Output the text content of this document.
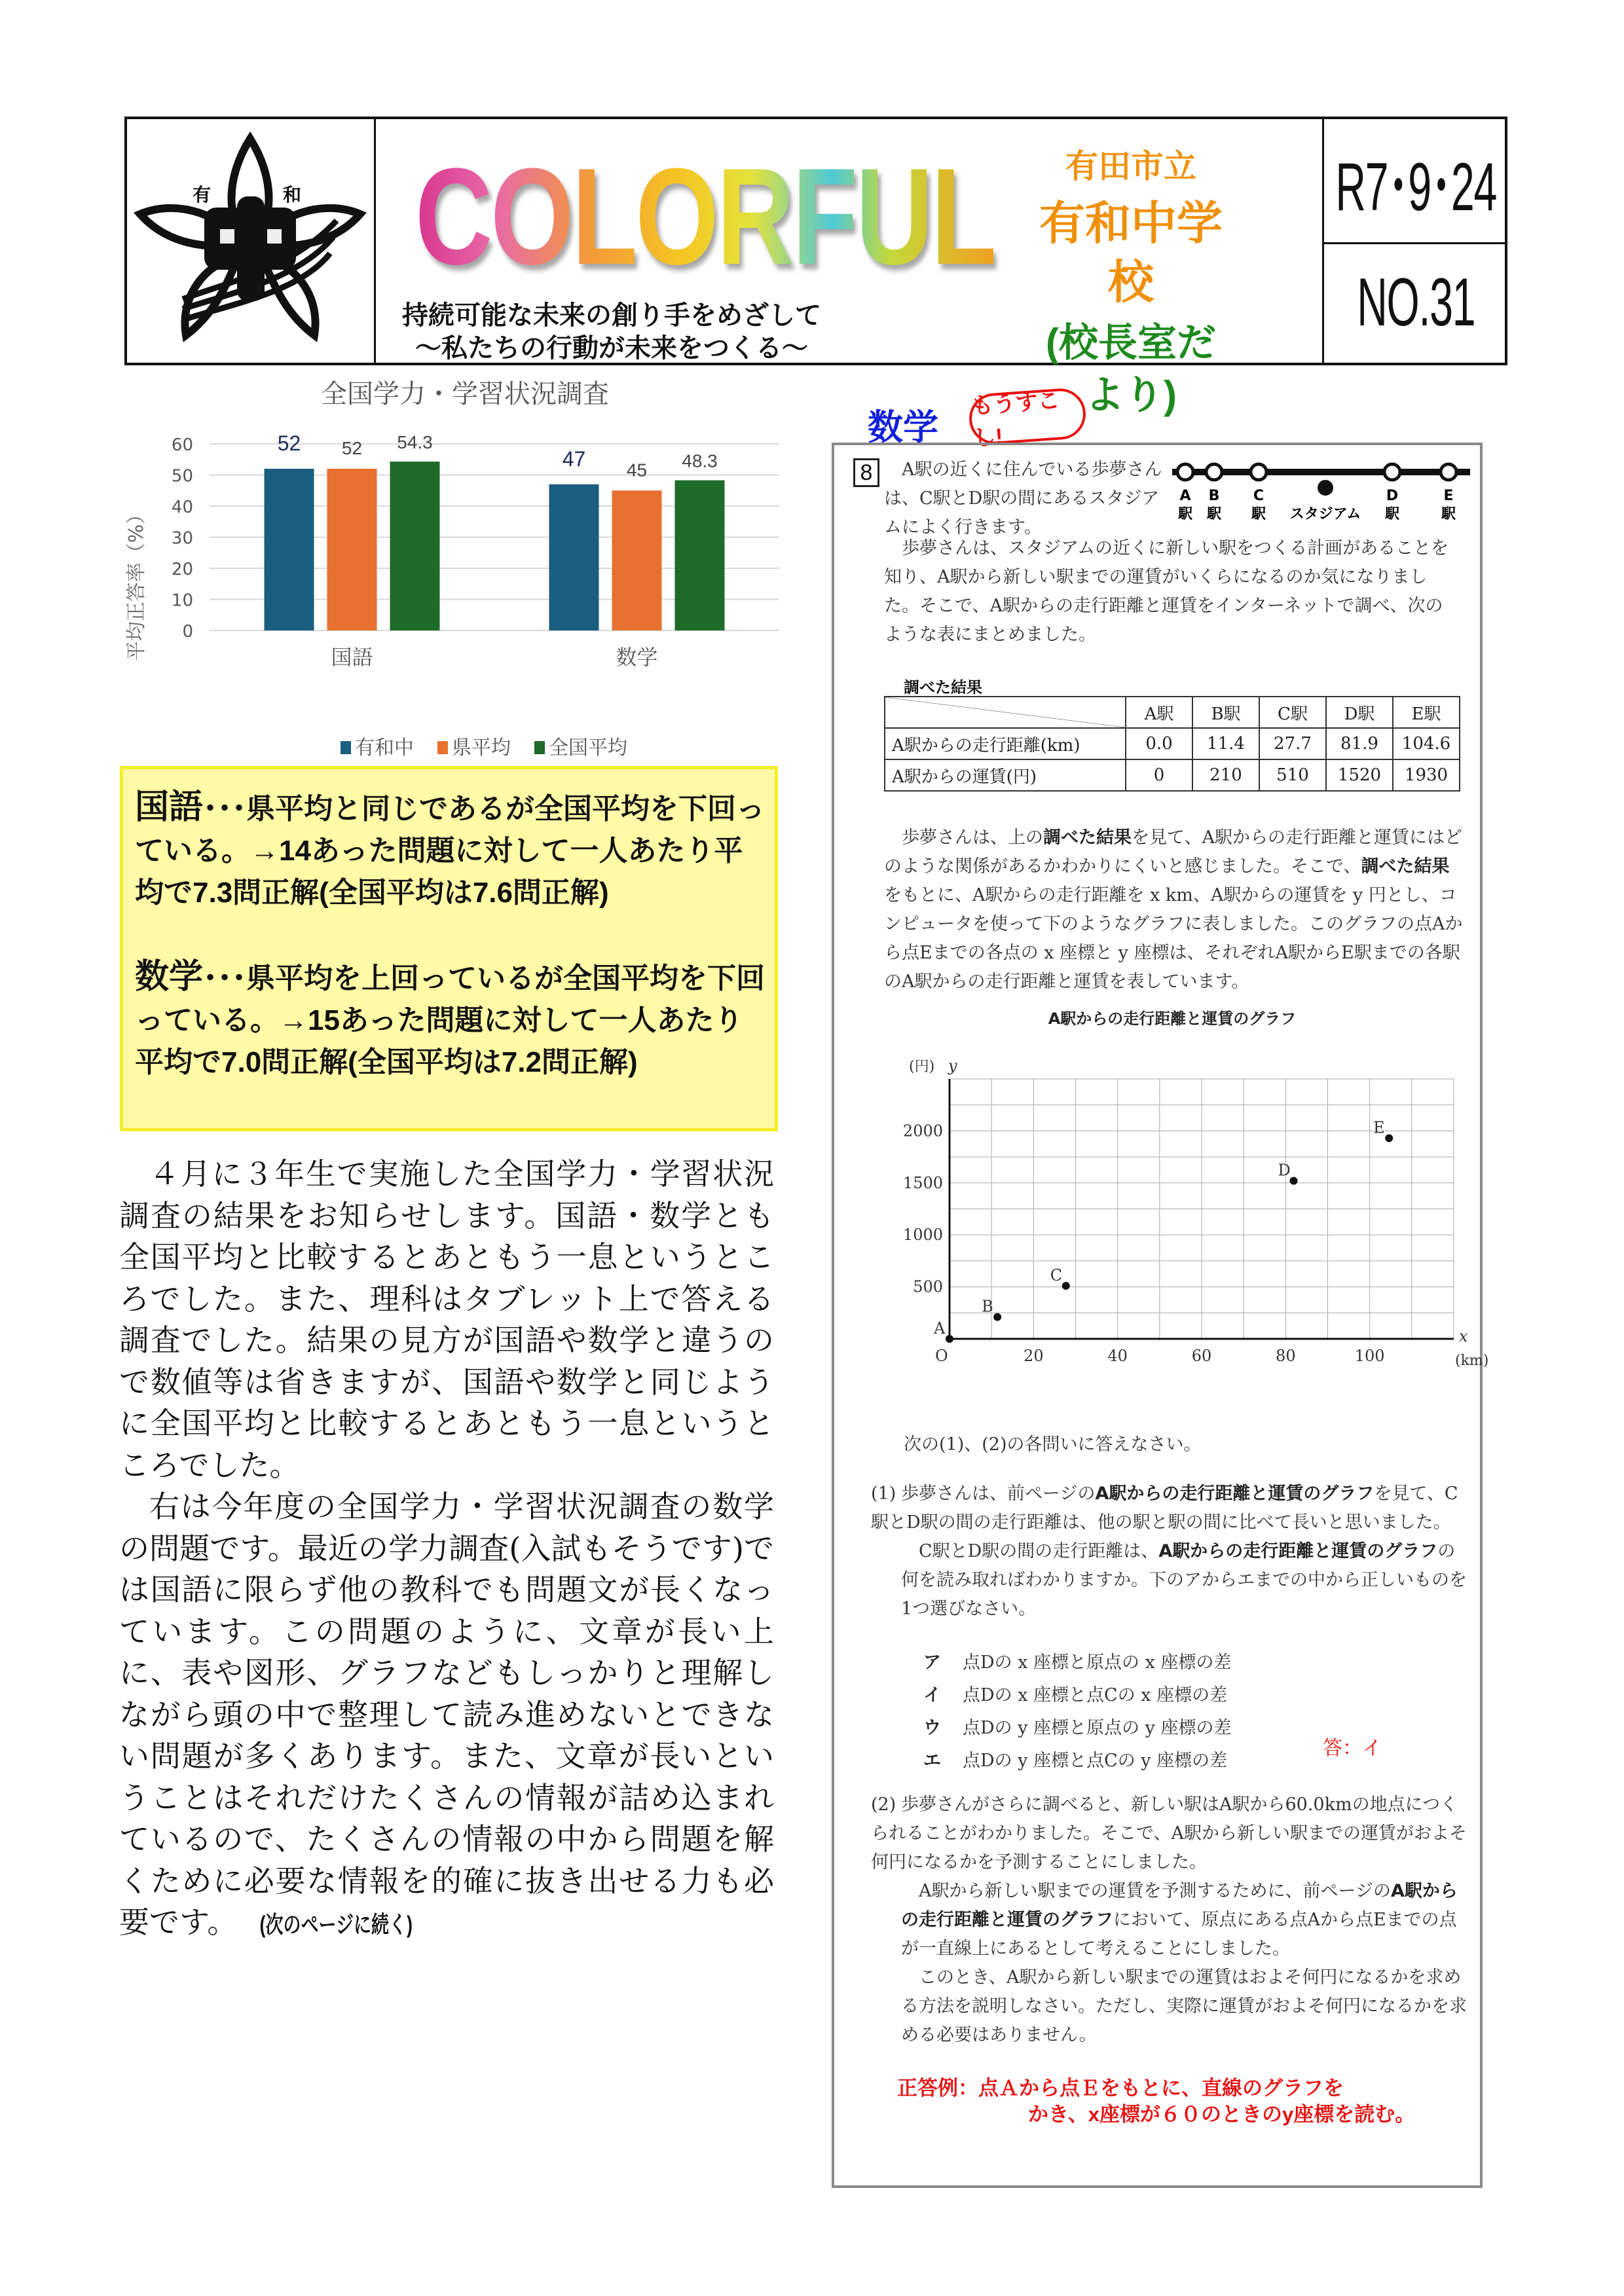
有	和 COLORFUL
持続可能な未来の創り手をめざして
～私たちの行動が未来をつくる～
有田市立
有和中学校
(校長室だより)
R7･9･24
NO.31
全国学力・学習状況調査
平均正答率（%） 0
10
20
30
40
50
60
国語	数学
52 52 54.3
47 45 48.3
有和中 県平均 全国平均
国語･･･県平均と同じであるが全国平均を下回っている。→14あった問題に対して一人あたり平均で7.3問正解(全国平均は7.6問正解)
数学･･･県平均を上回っているが全国平均を下回っている。→15あった問題に対して一人あたり平均で7.0問正解(全国平均は7.2問正解)

４月に３年生で実施した全国学力・学習状況調査の結果をお知らせします。国語・数学とも全国平均と比較するとあともう一息というところでした。また、理科はタブレット上で答える調査でした。結果の見方が国語や数学と違うので数値等は省きますが、国語や数学と同じように全国平均と比較するとあともう一息というところでした。

右は今年度の全国学力・学習状況調査の数学の問題です。最近の学力調査(入試もそうです)では国語に限らず他の教科でも問題文が長くなっています。この問題のように、文章が長い上に、表や図形、グラフなどもしっかりと理解しながら頭の中で整理して読み進めないとできない問題が多くあります。また、文章が長いということはそれだけたくさんの情報が詰め込まれているので、たくさんの情報の中から問題を解くために必要な情報を的確に抜き出せる力も必要です。 (次のページに続く)

数学
もうすこし!
8	A駅の近くに住んでいる歩夢さんは、C駅とD駅の間にあるスタジアムによく行きます。
A
駅
B
駅
C
駅
D
駅
E
駅
スタジアム
歩夢さんは、スタジアムの近くに新しい駅をつくる計画があることを知り、A駅から新しい駅までの運賃がいくらになるのか気になりました。そこで、A駅からの走行距離と運賃をインターネットで調べ、次のような表にまとめました。
調べた結果
	A駅	B駅	C駅	D駅	E駅
A駅からの走行距離(km)	0.0	11.4	27.7	81.9	104.6
A駅からの運賃(円)	0	210	510	1520	1930
歩夢さんは、上の調べた結果を見て、A駅からの走行距離と運賃にはどのような関係があるかわかりにくいと感じました。そこで、調べた結果をもとに、A駅からの走行距離を x km、A駅からの運賃を y 円とし、コンピュータを使って下のようなグラフに表しました。このグラフの点Aから点Eまでの各点の x 座標と y 座標は、それぞれA駅からE駅までの各駅のA駅からの走行距離と運賃を表しています。
A駅からの走行距離と運賃のグラフ
20	40	60	80	100
500
1000
1500
2000
O
x
(km)
(円) y
A
B
C
D
E
次の(1)、(2)の各問いに答えなさい。
(1) 歩夢さんは、前ページのA駅からの走行距離と運賃のグラフを見て、C駅とD駅の間の走行距離は、他の駅と駅の間に比べて長いと思いました。
C駅とD駅の間の走行距離は、A駅からの走行距離と運賃のグラフの何を読み取ればわかりますか。下のアからエまでの中から正しいものを1つ選びなさい。
ア 点Dの x 座標と原点の x 座標の差
イ 点Dの x 座標と点Cの x 座標の差
ウ 点Dの y 座標と原点の y 座標の差
エ 点Dの y 座標と点Cの y 座標の差
答：イ
(2) 歩夢さんがさらに調べると、新しい駅はA駅から60.0kmの地点につくられることがわかりました。そこで、A駅から新しい駅までの運賃がおよそ何円になるかを予測することにしました。
A駅から新しい駅までの運賃を予測するために、前ページのA駅からの走行距離と運賃のグラフにおいて、原点にある点Aから点Eまでの点が一直線上にあるとして考えることにしました。
このとき、A駅から新しい駅までの運賃はおよそ何円になるかを求める方法を説明しなさい。ただし、実際に運賃がおよそ何円になるかを求める必要はありません。
正答例：点Ａから点Ｅをもとに、直線のグラフを
かき、x座標が６０のときのy座標を読む。
